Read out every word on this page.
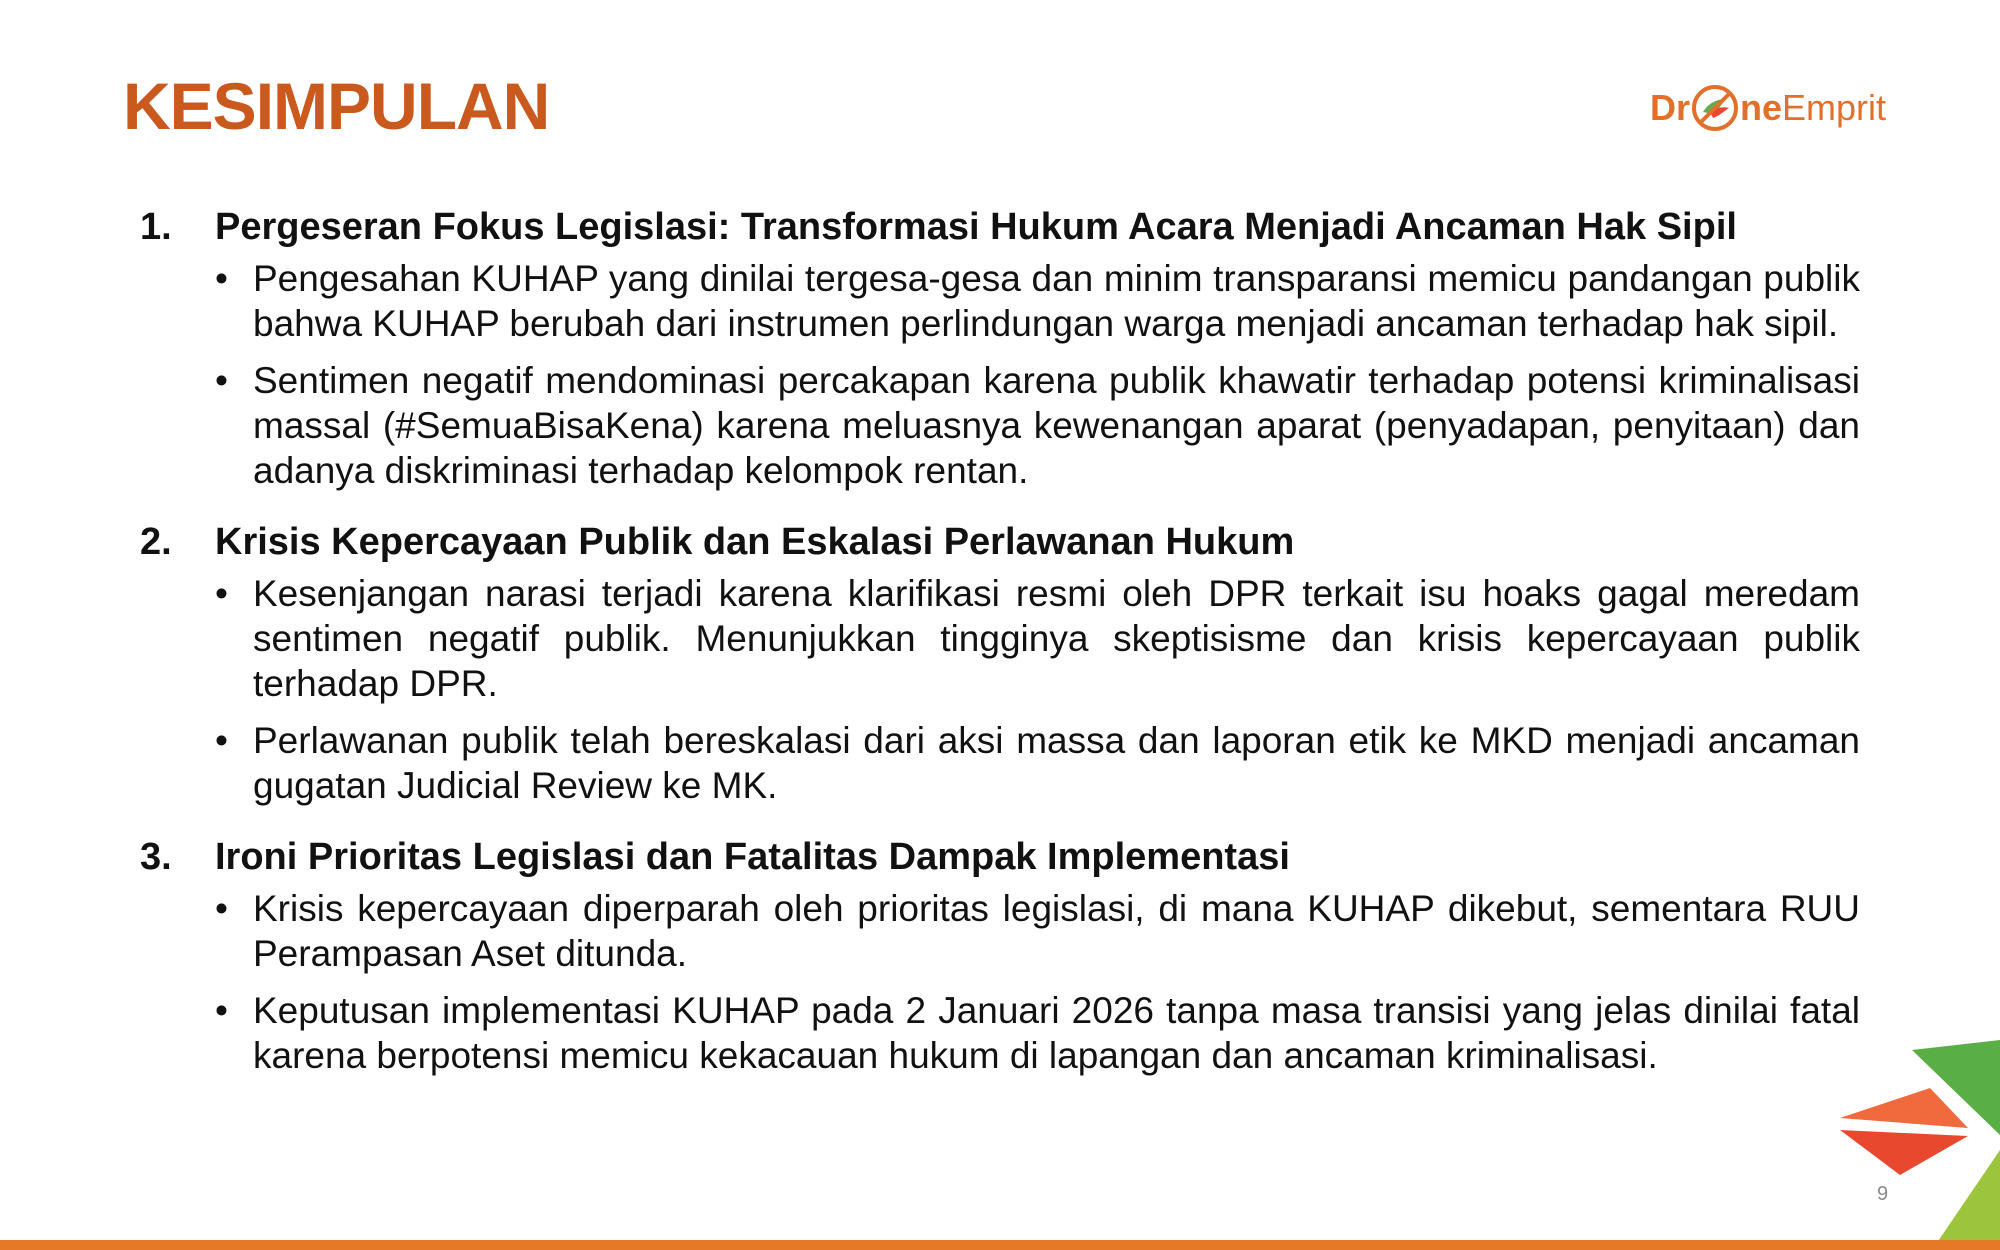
KESIMPULAN	Dr ne Emprit
1.	Pergeseran Fokus Legislasi: Transformasi Hukum Acara Menjadi Ancaman Hak Sipil
• Pengesahan KUHAP yang dinilai tergesa-gesa dan minim transparansi memicu pandangan publik bahwa KUHAP berubah dari instrumen perlindungan warga menjadi ancaman terhadap hak sipil.
• Sentimen negatif mendominasi percakapan karena publik khawatir terhadap potensi kriminalisasi massal (#SemuaBisaKena) karena meluasnya kewenangan aparat (penyadapan, penyitaan) dan adanya diskriminasi terhadap kelompok rentan.
2.	Krisis Kepercayaan Publik dan Eskalasi Perlawanan Hukum
• Kesenjangan narasi terjadi karena klarifikasi resmi oleh DPR terkait isu hoaks gagal meredam sentimen negatif publik. Menunjukkan tingginya skeptisisme dan krisis kepercayaan publik terhadap DPR.
• Perlawanan publik telah bereskalasi dari aksi massa dan laporan etik ke MKD menjadi ancaman gugatan Judicial Review ke MK.
3.	Ironi Prioritas Legislasi dan Fatalitas Dampak Implementasi
• Krisis kepercayaan diperparah oleh prioritas legislasi, di mana KUHAP dikebut, sementara RUU Perampasan Aset ditunda.
• Keputusan implementasi KUHAP pada 2 Januari 2026 tanpa masa transisi yang jelas dinilai fatal karena berpotensi memicu kekacauan hukum di lapangan dan ancaman kriminalisasi.
9
